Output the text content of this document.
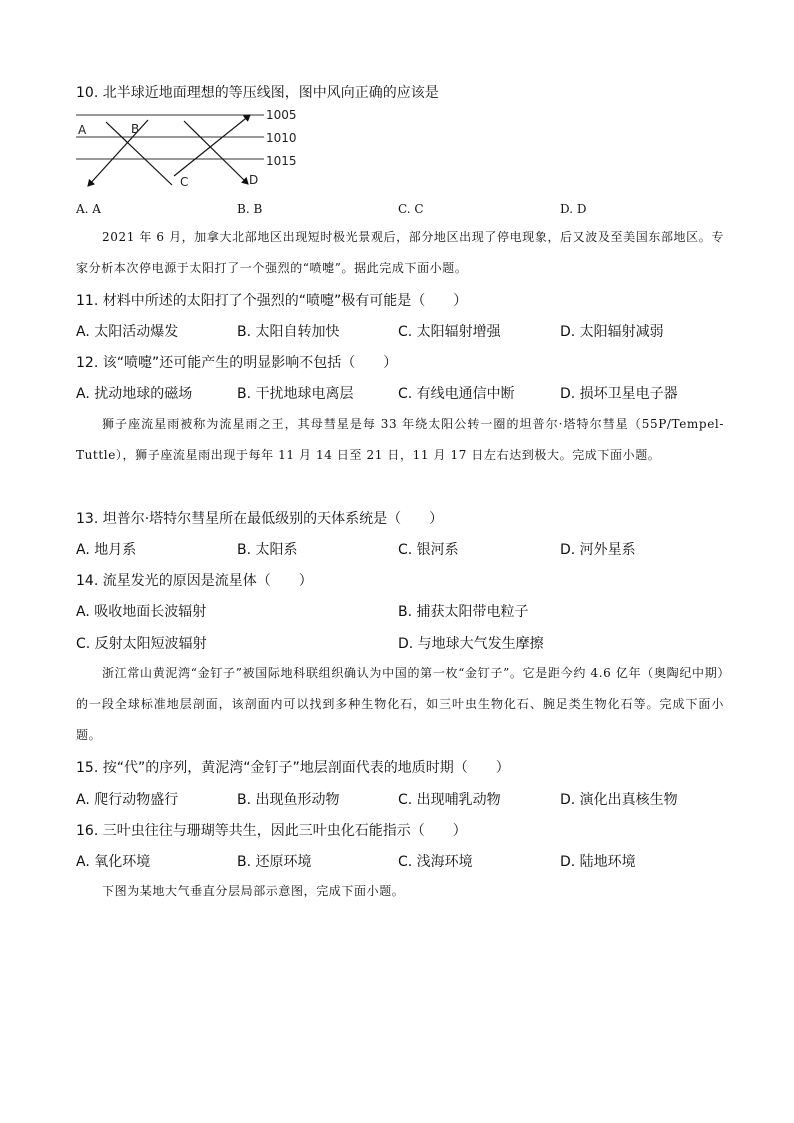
10. 北半球近地面理想的等压线图，图中风向正确的应该是
1005
1010
1015
A	B
C	D
A. A	B. B	C. C	D. D
2021 年 6 月，加拿大北部地区出现短时极光景观后，部分地区出现了停电现象，后又波及至美国东部地区。专家分析本次停电源于太阳打了一个强烈的“喷嚏”。据此完成下面小题。
11. 材料中所述的太阳打了个强烈的“喷嚏”极有可能是（　　）
A. 太阳活动爆发	B. 太阳自转加快	C. 太阳辐射增强	D. 太阳辐射减弱
12. 该“喷嚏”还可能产生的明显影响不包括（　　）
A. 扰动地球的磁场	B. 干扰地球电离层	C. 有线电通信中断	D. 损坏卫星电子器
狮子座流星雨被称为流星雨之王，其母彗星是每 33 年绕太阳公转一圈的坦普尔·塔特尔彗星（55P/Tempel-Tuttle），狮子座流星雨出现于每年 11 月 14 日至 21 日，11 月 17 日左右达到极大。完成下面小题。
13. 坦普尔·塔特尔彗星所在最低级别的天体系统是（　　）
A. 地月系	B. 太阳系	C. 银河系	D. 河外星系
14. 流星发光的原因是流星体（　　）
A. 吸收地面长波辐射	B. 捕获太阳带电粒子
C. 反射太阳短波辐射	D. 与地球大气发生摩擦
浙江常山黄泥湾“金钉子”被国际地科联组织确认为中国的第一枚“金钉子”。它是距今约 4.6 亿年（奥陶纪中期）的一段全球标准地层剖面，该剖面内可以找到多种生物化石，如三叶虫生物化石、腕足类生物化石等。完成下面小题。
15. 按“代”的序列，黄泥湾“金钉子”地层剖面代表的地质时期（　　）
A. 爬行动物盛行	B. 出现鱼形动物	C. 出现哺乳动物	D. 演化出真核生物
16. 三叶虫往往与珊瑚等共生，因此三叶虫化石能指示（　　）
A. 氧化环境	B. 还原环境	C. 浅海环境	D. 陆地环境
下图为某地大气垂直分层局部示意图，完成下面小题。
